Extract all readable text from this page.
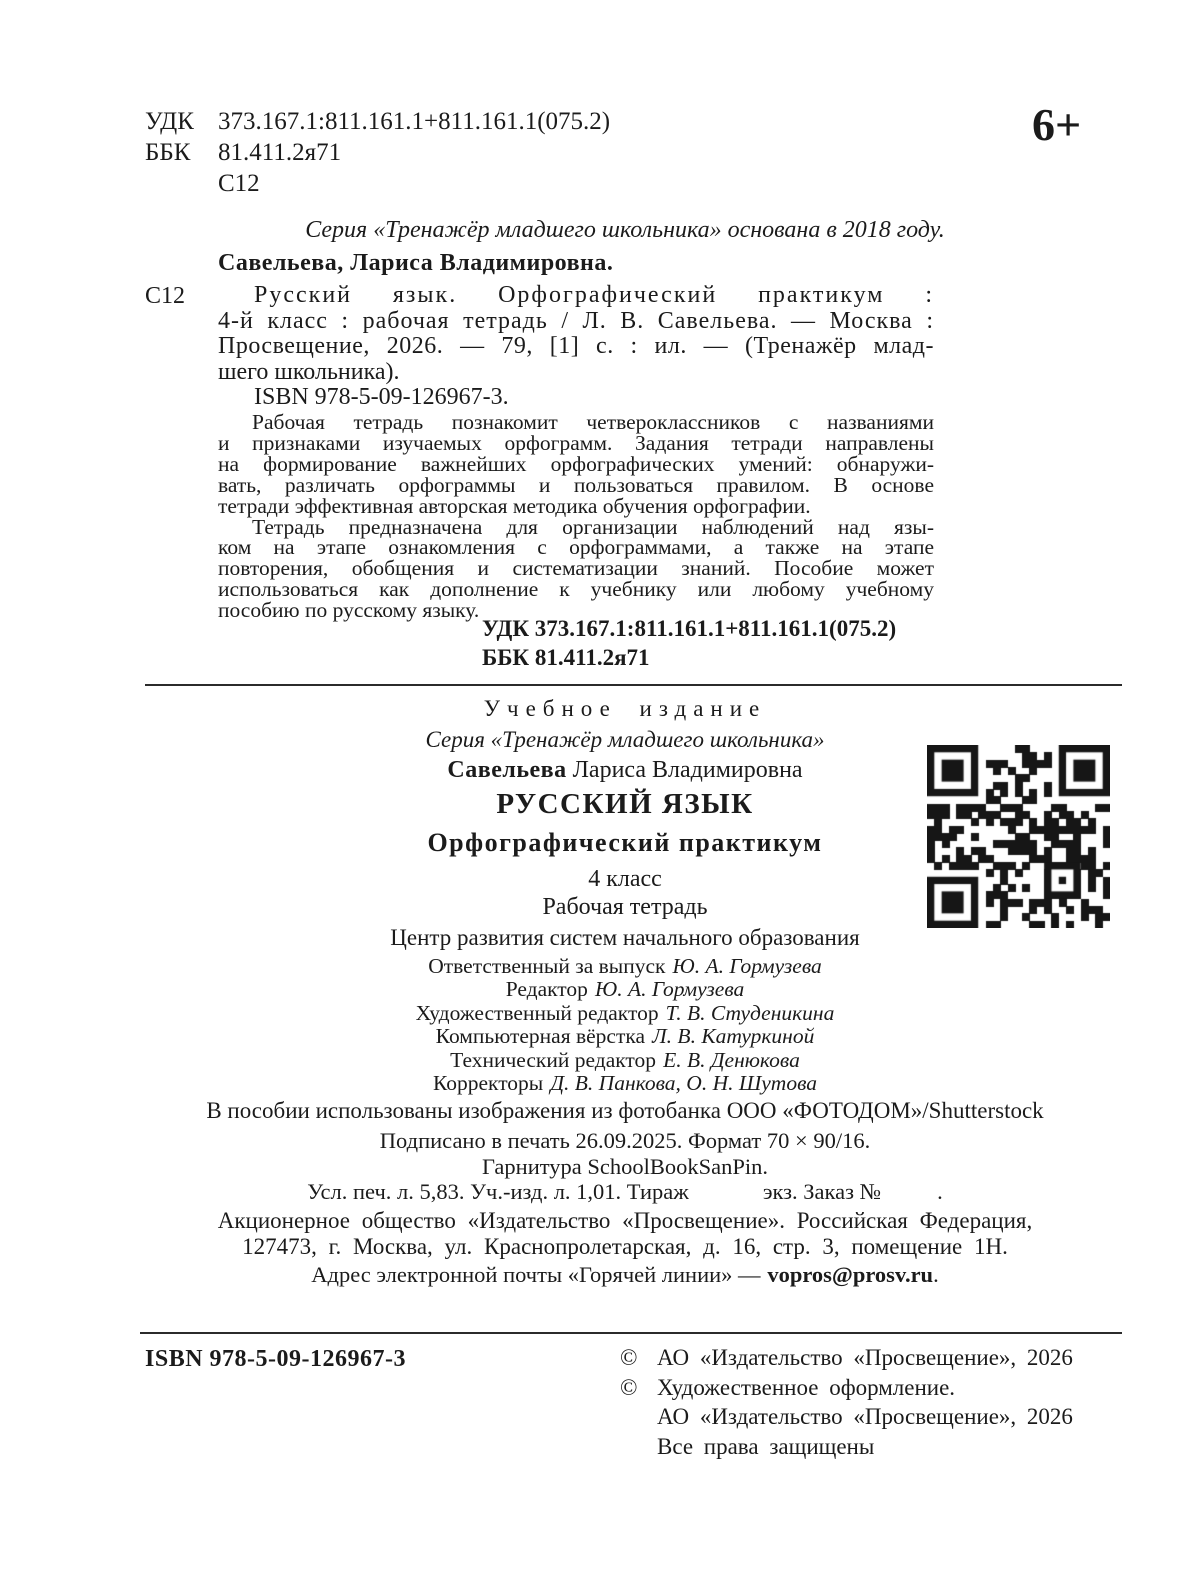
УДК 373.167.1:811.161.1+811.161.1(075.2)
ББК	81.411.2я71
С12
6+
Серия «Тренажёр младшего школьника» основана в 2018 году.
Савельева, Лариса Владимировна.
С12	Русский язык. Орфографический практикум :
4-й класс : рабочая тетрадь / Л. В. Савельева. — Москва :
Просвещение, 2026. — 79, [1] с. : ил. — (Тренажёр млад-
шего школьника).
ISBN 978-5-09-126967-3.
Рабочая тетрадь познакомит четвероклассников с названиями
и признаками изучаемых орфограмм. Задания тетради направлены
на формирование важнейших орфографических умений: обнаружи-
вать, различать орфограммы и пользоваться правилом. В основе
тетради эффективная авторская методика обучения орфографии.
Тетрадь предназначена для организации наблюдений над язы-
ком на этапе ознакомления с орфограммами, а также на этапе
повторения, обобщения и систематизации знаний. Пособие может
использоваться как дополнение к учебнику или любому учебному
пособию по русскому языку.
УДК 373.167.1:811.161.1+811.161.1(075.2)
ББК 81.411.2я71
Учебное издание
Серия «Тренажёр младшего школьника»
Савельева Лариса Владимировна
РУССКИЙ ЯЗЫК
Орфографический практикум
4 класс
Рабочая тетрадь
Центр развития систем начального образования
Ответственный за выпуск Ю. А. Гормузева
Редактор Ю. А. Гормузева
Художественный редактор Т. В. Студеникина
Компьютерная вёрстка Л. В. Катуркиной
Технический редактор Е. В. Денюкова
Корректоры Д. В. Панкова, О. Н. Шутова
В пособии использованы изображения из фотобанка ООО «ФОТОДОМ»/Shutterstock
Подписано в печать 26.09.2025. Формат 70 × 90/16.
Гарнитура SchoolBookSanPin.
Усл. печ. л. 5,83. Уч.-изд. л. 1,01. Тираж	экз. Заказ № .
Акционерное общество «Издательство «Просвещение». Российская Федерация,
127473, г. Москва, ул. Краснопролетарская, д. 16, стр. 3, помещение 1Н.
Адрес электронной почты «Горячей линии» — vopros@prosv.ru.
ISBN 978-5-09-126967-3	© АО «Издательство «Просвещение», 2026
© Художественное оформление.
АО «Издательство «Просвещение», 2026
Все права защищены
